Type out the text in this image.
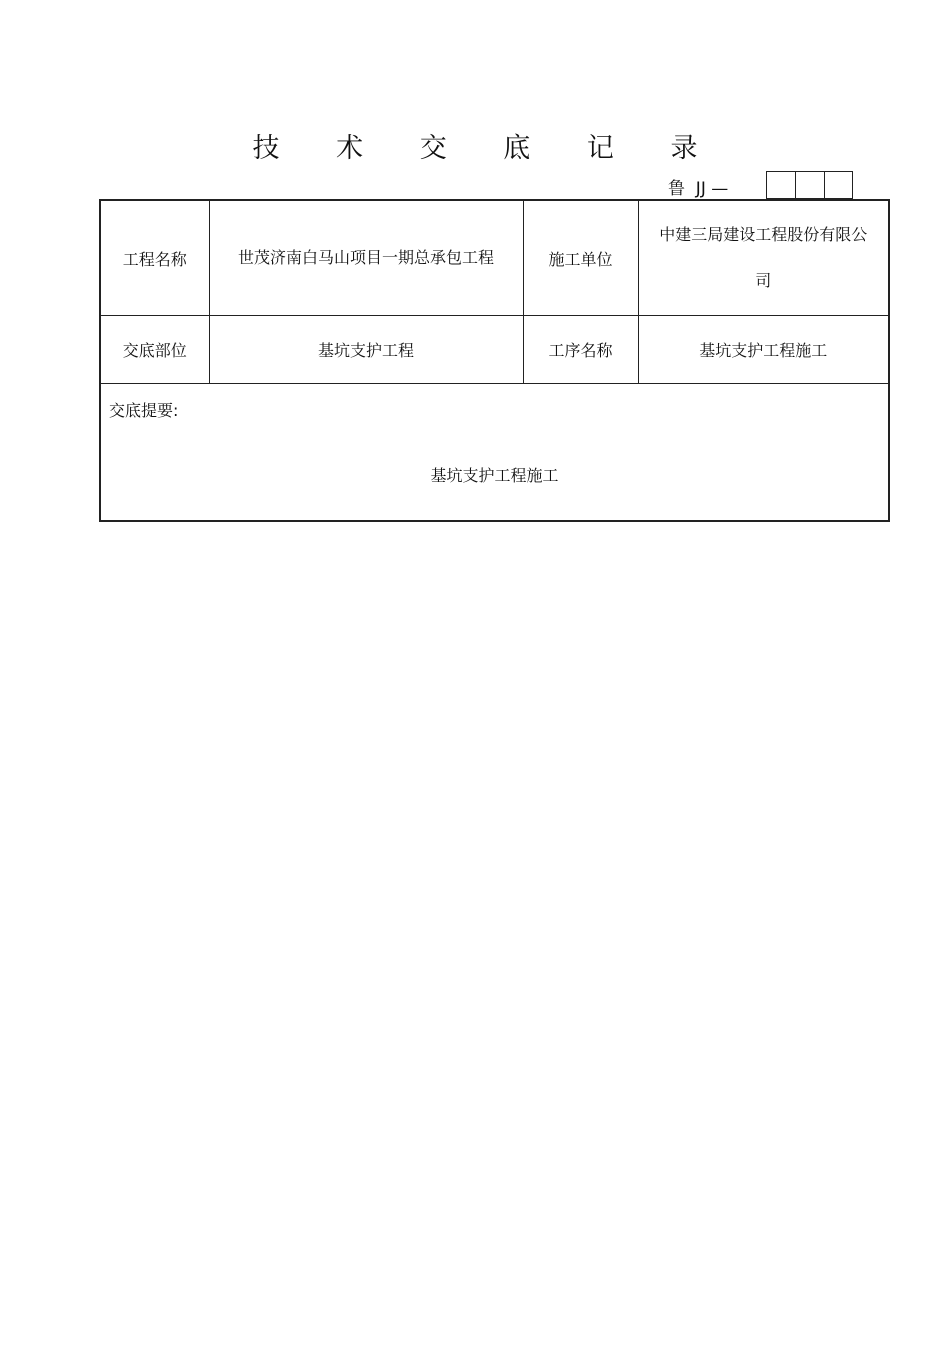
技 术 交 底 记 录
鲁  JJ —
工程名称	世茂济南白马山项目一期总承包工程	施工单位	中建三局建设工程股份有限公司

交底部位	基坑支护工程	工序名称	基坑支护工程施工

交底提要:
基坑支护工程施工			
